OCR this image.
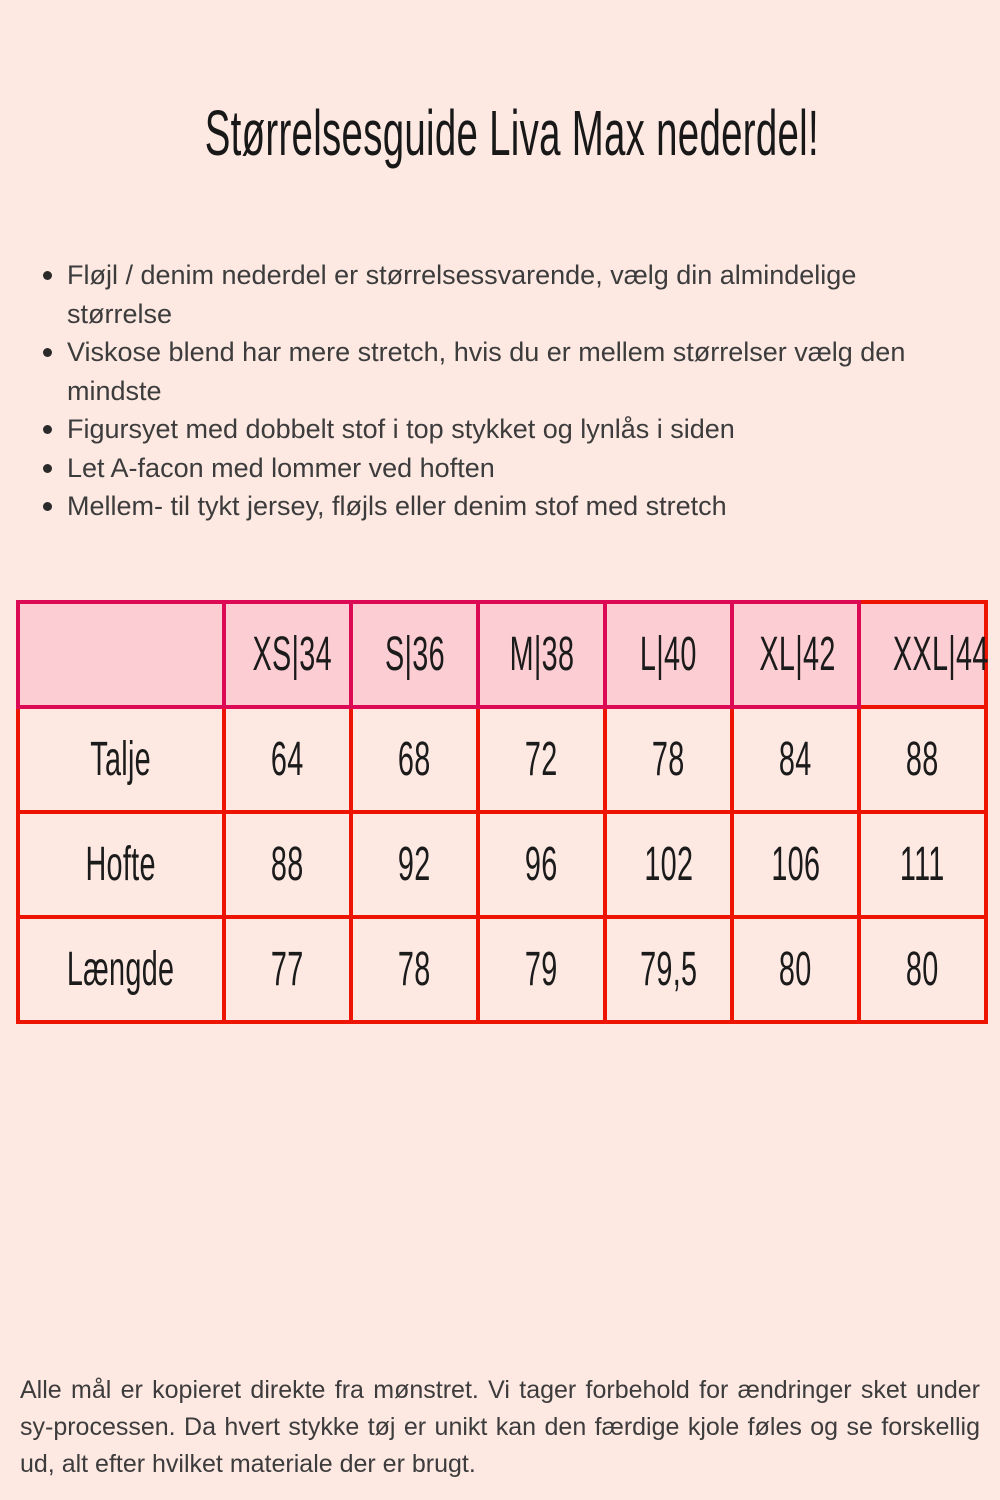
Størrelsesguide Liva Max nederdel!
Fløjl / denim nederdel er størrelsessvarende, vælg din almindelige størrelse
Viskose blend har mere stretch, hvis du er mellem størrelser vælg den mindste
Figursyet med dobbelt stof i top stykket og lynlås i siden
Let A-facon med lommer ved hoften
Mellem- til tykt jersey, fløjls eller denim stof med stretch
	XS|34	S|36	M|38	L|40	XL|42	XXL|44
Talje	64	68	72	78	84	88
Hofte	88	92	96	102	106	111
Længde	77	78	79	79,5	80	80

Alle mål er kopieret direkte fra mønstret. Vi tager forbehold for ændringer sket under sy-processen. Da hvert stykke tøj er unikt kan den færdige kjole føles og se forskellig ud, alt efter hvilket materiale der er brugt.
